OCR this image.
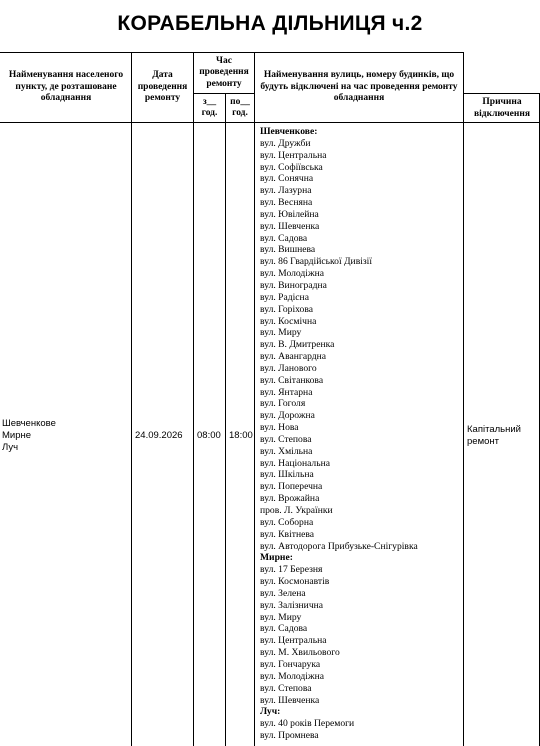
КОРАБЕЛЬНА ДІЛЬНИЦЯ ч.2
Найменування населеного пункту, де розташоване обладнання
Дата проведення ремонту
Час проведення ремонту
з__ год.
по__ год.
Найменування вулиць, номеру будинків, що будуть відключені на час проведення ремонту обладнання	Причина відключення
Шевченкове
Мирне
Луч
24.09.2026	08:00 18:00
Капітальний
ремонт
Шевченкове:
вул. Дружби
вул. Центральна
вул. Софіївська
вул. Сонячна
вул. Лазурна
вул. Весняна
вул. Ювілейна
вул. Шевченка
вул. Садова
вул. Вишнева
вул. 86 Гвардійської Дивізії
вул. Молодіжна
вул. Виноградна
вул. Радісна
вул. Горіхова
вул. Космічна
вул. Миру
вул. В. Дмитренка
вул. Авангардна
вул. Ланового
вул. Світанкова
вул. Янтарна
вул. Гоголя
вул. Дорожна
вул. Нова
вул. Степова
вул. Хмільна
вул. Національна
вул. Шкільна
вул. Поперечна
вул. Врожайна
пров. Л. Українки
вул. Соборна
вул. Квітнева
вул. Автодорога Прибузьке-Снігурівка
Мирне:
вул. 17 Березня
вул. Космонавтів
вул. Зелена
вул. Залізнична
вул. Миру
вул. Садова
вул. Центральна
вул. М. Хвильового
вул. Гончарука
вул. Молодіжна
вул. Степова
вул. Шевченка
Луч:
вул. 40 років Перемоги
вул. Промнева
